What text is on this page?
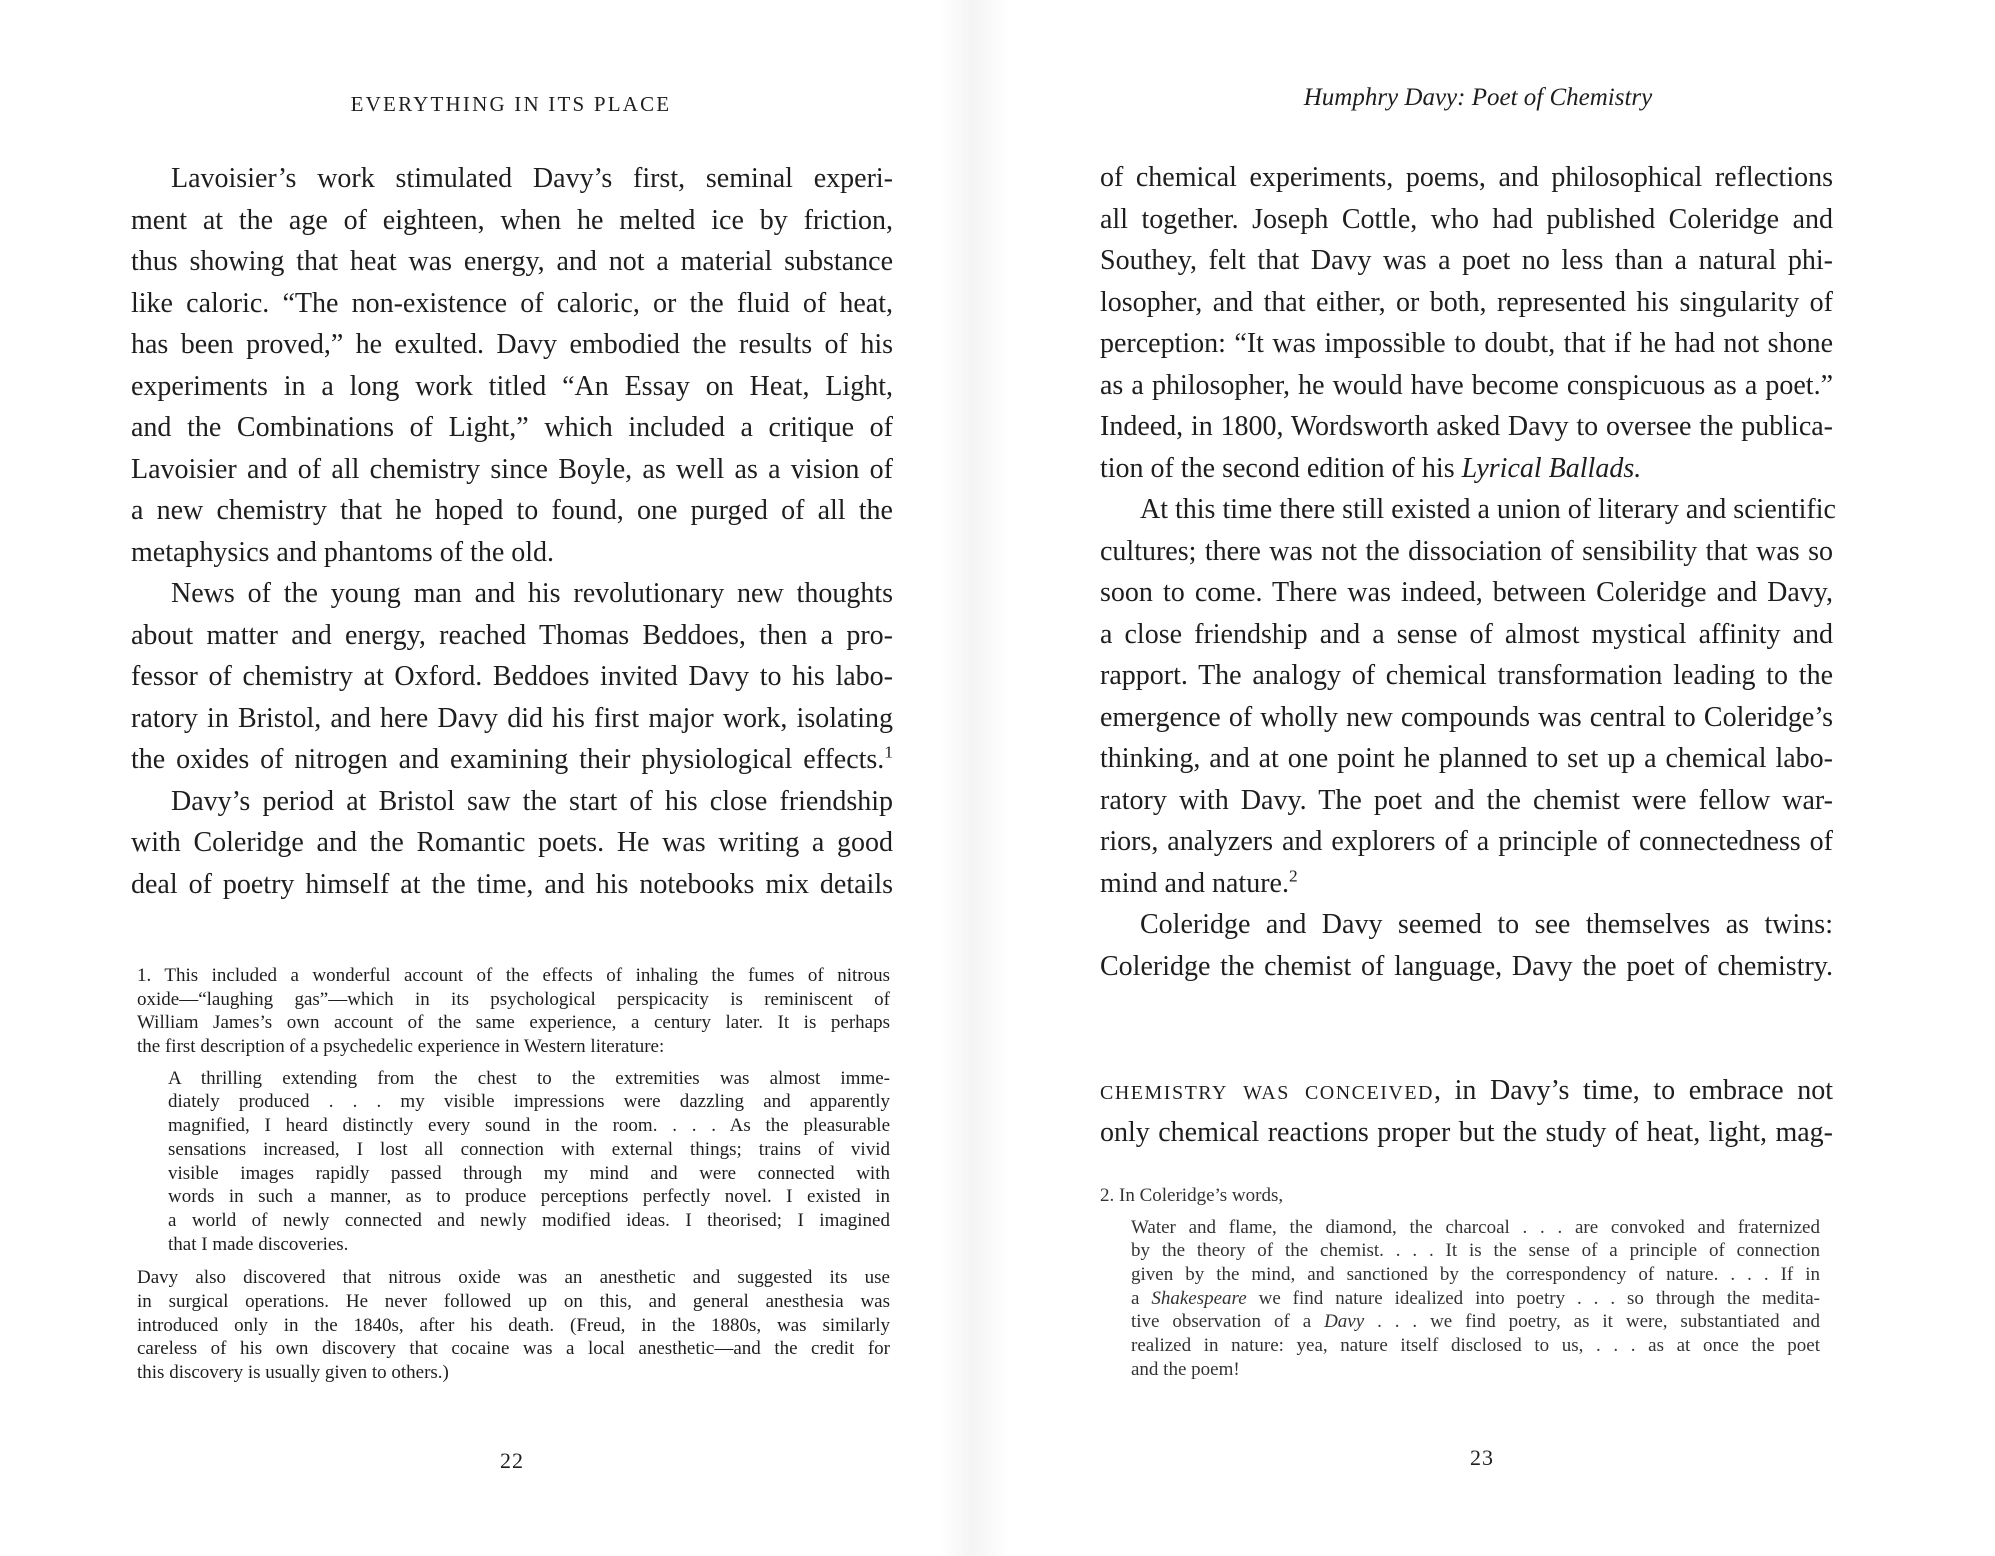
EVERYTHING IN ITS PLACE
Lavoisier’s work stimulated Davy’s first, seminal experi-
ment at the age of eighteen, when he melted ice by friction,
thus showing that heat was energy, and not a material substance
like caloric. “The non-existence of caloric, or the fluid of heat,
has been proved,” he exulted. Davy embodied the results of his
experiments in a long work titled “An Essay on Heat, Light,
and the Combinations of Light,” which included a critique of
Lavoisier and of all chemistry since Boyle, as well as a vision of
a new chemistry that he hoped to found, one purged of all the
metaphysics and phantoms of the old.
News of the young man and his revolutionary new thoughts
about matter and energy, reached Thomas Beddoes, then a pro-
fessor of chemistry at Oxford. Beddoes invited Davy to his labo-
ratory in Bristol, and here Davy did his first major work, isolating
the oxides of nitrogen and examining their physiological effects.$^1$
Davy’s period at Bristol saw the start of his close friendship
with Coleridge and the Romantic poets. He was writing a good
deal of poetry himself at the time, and his notebooks mix details
1. This included a wonderful account of the effects of inhaling the fumes of nitrous
oxide—“laughing gas”—which in its psychological perspicacity is reminiscent of
William James’s own account of the same experience, a century later. It is perhaps
the first description of a psychedelic experience in Western literature:
A thrilling extending from the chest to the extremities was almost imme-
diately produced . . . my visible impressions were dazzling and apparently
magnified, I heard distinctly every sound in the room. . . . As the pleasurable
sensations increased, I lost all connection with external things; trains of vivid
visible images rapidly passed through my mind and were connected with
words in such a manner, as to produce perceptions perfectly novel. I existed in
a world of newly connected and newly modified ideas. I theorised; I imagined
that I made discoveries.
Davy also discovered that nitrous oxide was an anesthetic and suggested its use
in surgical operations. He never followed up on this, and general anesthesia was
introduced only in the 1840s, after his death. (Freud, in the 1880s, was similarly
careless of his own discovery that cocaine was a local anesthetic—and the credit for
this discovery is usually given to others.)
22
Humphry Davy: Poet of Chemistry
of chemical experiments, poems, and philosophical reflections
all together. Joseph Cottle, who had published Coleridge and
Southey, felt that Davy was a poet no less than a natural phi-
losopher, and that either, or both, represented his singularity of
perception: “It was impossible to doubt, that if he had not shone
as a philosopher, he would have become conspicuous as a poet.”
Indeed, in 1800, Wordsworth asked Davy to oversee the publica-
tion of the second edition of his Lyrical Ballads.
At this time there still existed a union of literary and scientific
cultures; there was not the dissociation of sensibility that was so
soon to come. There was indeed, between Coleridge and Davy,
a close friendship and a sense of almost mystical affinity and
rapport. The analogy of chemical transformation leading to the
emergence of wholly new compounds was central to Coleridge’s
thinking, and at one point he planned to set up a chemical labo-
ratory with Davy. The poet and the chemist were fellow war-
riors, analyzers and explorers of a principle of connectedness of
mind and nature.$^2$
Coleridge and Davy seemed to see themselves as twins:
Coleridge the chemist of language, Davy the poet of chemistry.
chemistry was conceived, in Davy’s time, to embrace not
only chemical reactions proper but the study of heat, light, mag-
2. In Coleridge’s words,
Water and flame, the diamond, the charcoal . . . are convoked and fraternized
by the theory of the chemist. . . . It is the sense of a principle of connection
given by the mind, and sanctioned by the correspondency of nature. . . . If in
a Shakespeare we find nature idealized into poetry . . . so through the medita-
tive observation of a Davy . . . we find poetry, as it were, substantiated and
realized in nature: yea, nature itself disclosed to us, . . . as at once the poet
and the poem!
23
